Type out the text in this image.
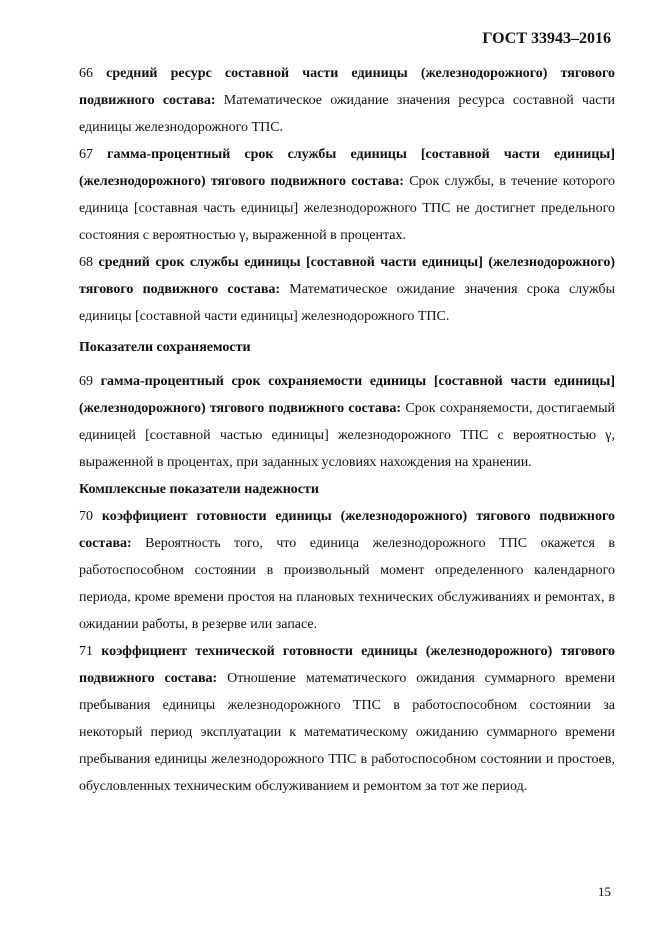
ГОСТ 33943–2016

66 средний ресурс составной части единицы (железнодорожного) тягового подвижного состава: Математическое ожидание значения ресурса составной части единицы железнодорожного ТПС.

67 гамма-процентный срок службы единицы [составной части единицы] (железнодорожного) тягового подвижного состава: Срок службы, в течение которого единица [составная часть единицы] железнодорожного ТПС не достигнет предельного состояния с вероятностью γ, выраженной в процентах.

68 средний срок службы единицы [составной части единицы] (железнодорожного) тягового подвижного состава: Математическое ожидание значения срока службы единицы [составной части единицы] железнодорожного ТПС.

Показатели сохраняемости

69 гамма-процентный срок сохраняемости единицы [составной части единицы] (железнодорожного) тягового подвижного состава: Срок сохраняемости, достигаемый единицей [составной частью единицы] железнодорожного ТПС с вероятностью γ, выраженной в процентах, при заданных условиях нахождения на хранении.

Комплексные показатели надежности

70 коэффициент готовности единицы (железнодорожного) тягового подвижного состава: Вероятность того, что единица железнодорожного ТПС окажется в работоспособном состоянии в произвольный момент определенного календарного периода, кроме времени простоя на плановых технических обслуживаниях и ремонтах, в ожидании работы, в резерве или запасе.

71 коэффициент технической готовности единицы (железнодорожного) тягового подвижного состава: Отношение математического ожидания суммарного времени пребывания единицы железнодорожного ТПС в работоспособном состоянии за некоторый период эксплуатации к математическому ожиданию суммарного времени пребывания единицы железнодорожного ТПС в работоспособном состоянии и простоев, обусловленных техническим обслуживанием и ремонтом за тот же период.

15
